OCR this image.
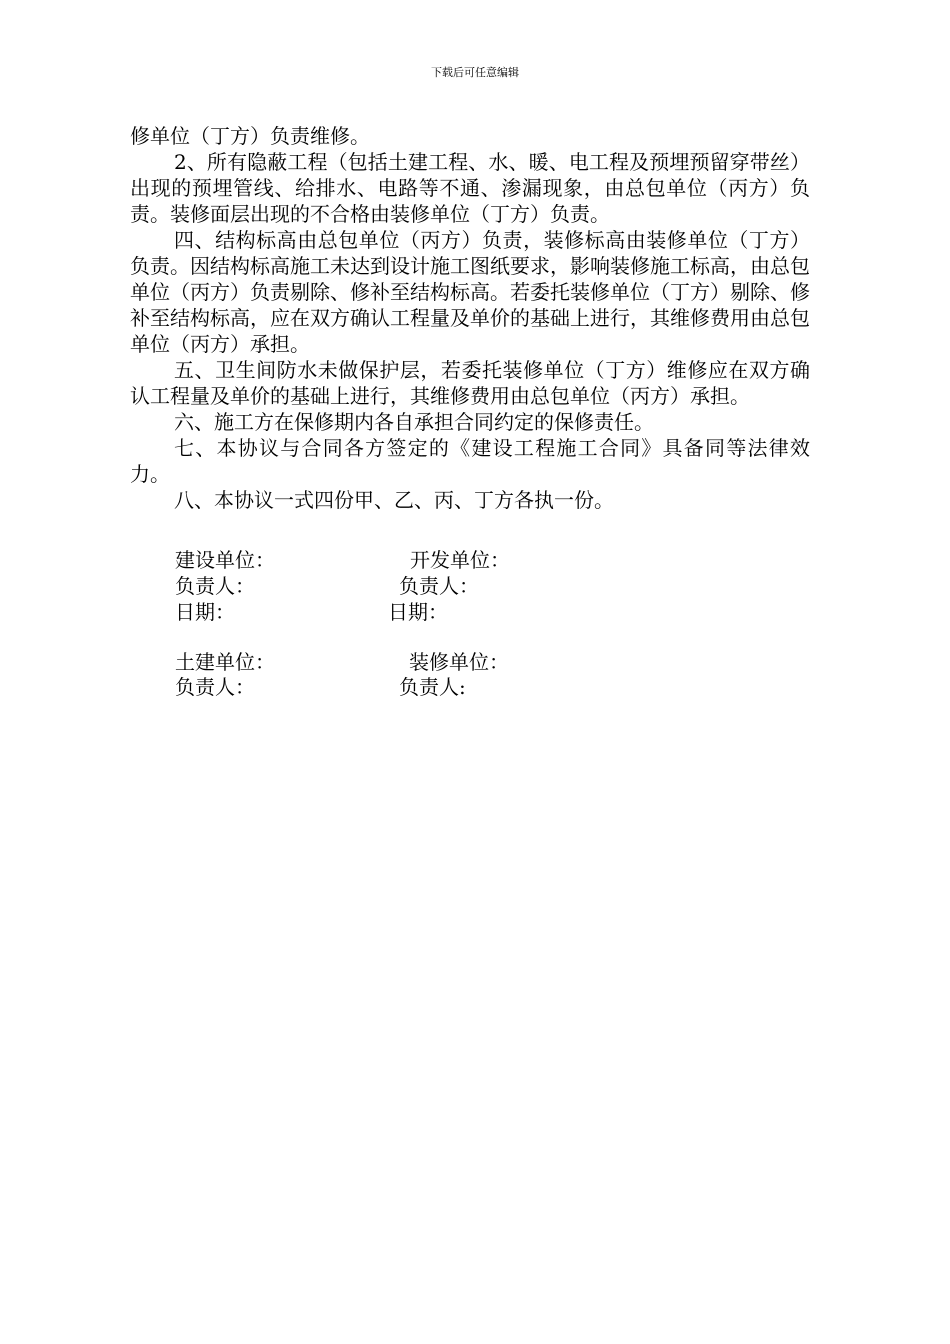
下载后可任意编辑

修单位（丁方）负责维修。

2、所有隐蔽工程（包括土建工程、水、暖、电工程及预埋预留穿带丝）出现的预埋管线、给排水、电路等不通、渗漏现象，由总包单位（丙方）负责。装修面层出现的不合格由装修单位（丁方）负责。

四、结构标高由总包单位（丙方）负责，装修标高由装修单位（丁方）负责。因结构标高施工未达到设计施工图纸要求，影响装修施工标高，由总包单位（丙方）负责剔除、修补至结构标高。若委托装修单位（丁方）剔除、修补至结构标高，应在双方确认工程量及单价的基础上进行，其维修费用由总包单位（丙方）承担。

五、卫生间防水未做保护层，若委托装修单位（丁方）维修应在双方确认工程量及单价的基础上进行，其维修费用由总包单位（丙方）承担。

六、施工方在保修期内各自承担合同约定的保修责任。

七、本协议与合同各方签定的《建设工程施工合同》具备同等法律效力。

八、本协议一式四份甲、乙、丙、丁方各执一份。

建设单位：	开发单位：
负责人：	负责人：
日期：	日期：
土建单位：	装修单位：
负责人：	负责人:
